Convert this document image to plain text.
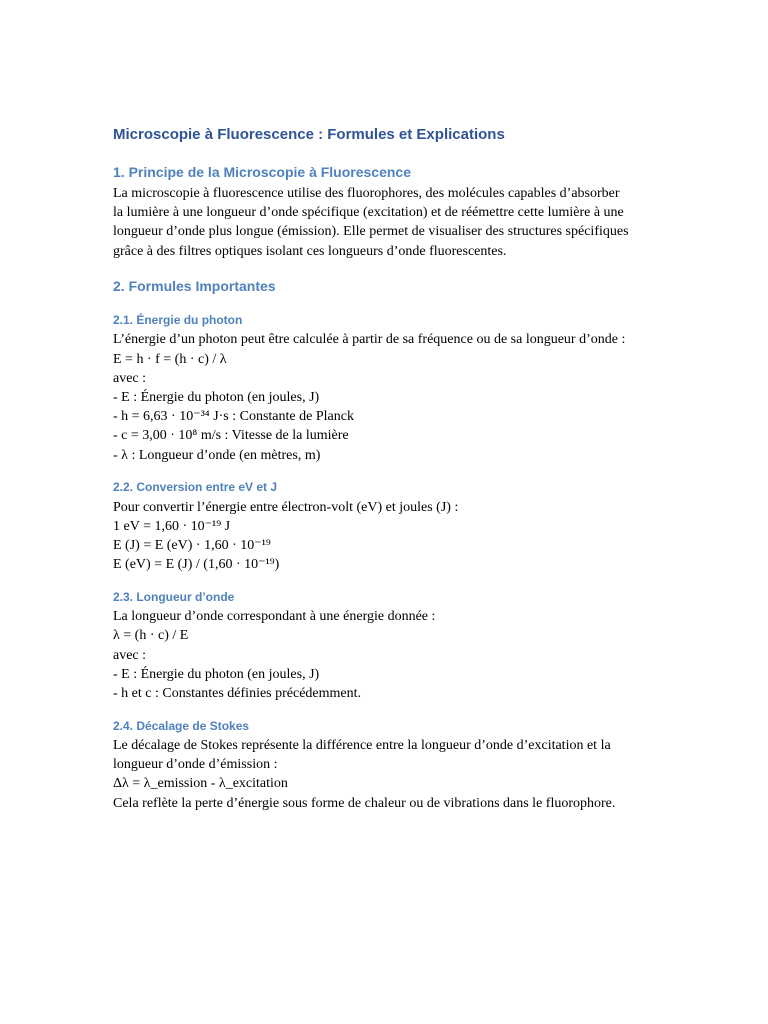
Microscopie à Fluorescence : Formules et Explications
1. Principe de la Microscopie à Fluorescence
La microscopie à fluorescence utilise des fluorophores, des molécules capables d’absorber
la lumière à une longueur d’onde spécifique (excitation) et de réémettre cette lumière à une
longueur d’onde plus longue (émission). Elle permet de visualiser des structures spécifiques
grâce à des filtres optiques isolant ces longueurs d’onde fluorescentes.
2. Formules Importantes
2.1. Énergie du photon
L’énergie d’un photon peut être calculée à partir de sa fréquence ou de sa longueur d’onde :
E = h · f = (h · c) / λ
avec :
- E : Énergie du photon (en joules, J)
- h = 6,63 · 10⁻³⁴ J·s : Constante de Planck
- c = 3,00 · 10⁸ m/s : Vitesse de la lumière
- λ : Longueur d’onde (en mètres, m)
2.2. Conversion entre eV et J
Pour convertir l’énergie entre électron-volt (eV) et joules (J) :
1 eV = 1,60 · 10⁻¹⁹ J
E (J) = E (eV) · 1,60 · 10⁻¹⁹
E (eV) = E (J) / (1,60 · 10⁻¹⁹)
2.3. Longueur d’onde
La longueur d’onde correspondant à une énergie donnée :
λ = (h · c) / E
avec :
- E : Énergie du photon (en joules, J)
- h et c : Constantes définies précédemment.
2.4. Décalage de Stokes
Le décalage de Stokes représente la différence entre la longueur d’onde d’excitation et la
longueur d’onde d’émission :
Δλ = λ_emission - λ_excitation
Cela reflète la perte d’énergie sous forme de chaleur ou de vibrations dans le fluorophore.
